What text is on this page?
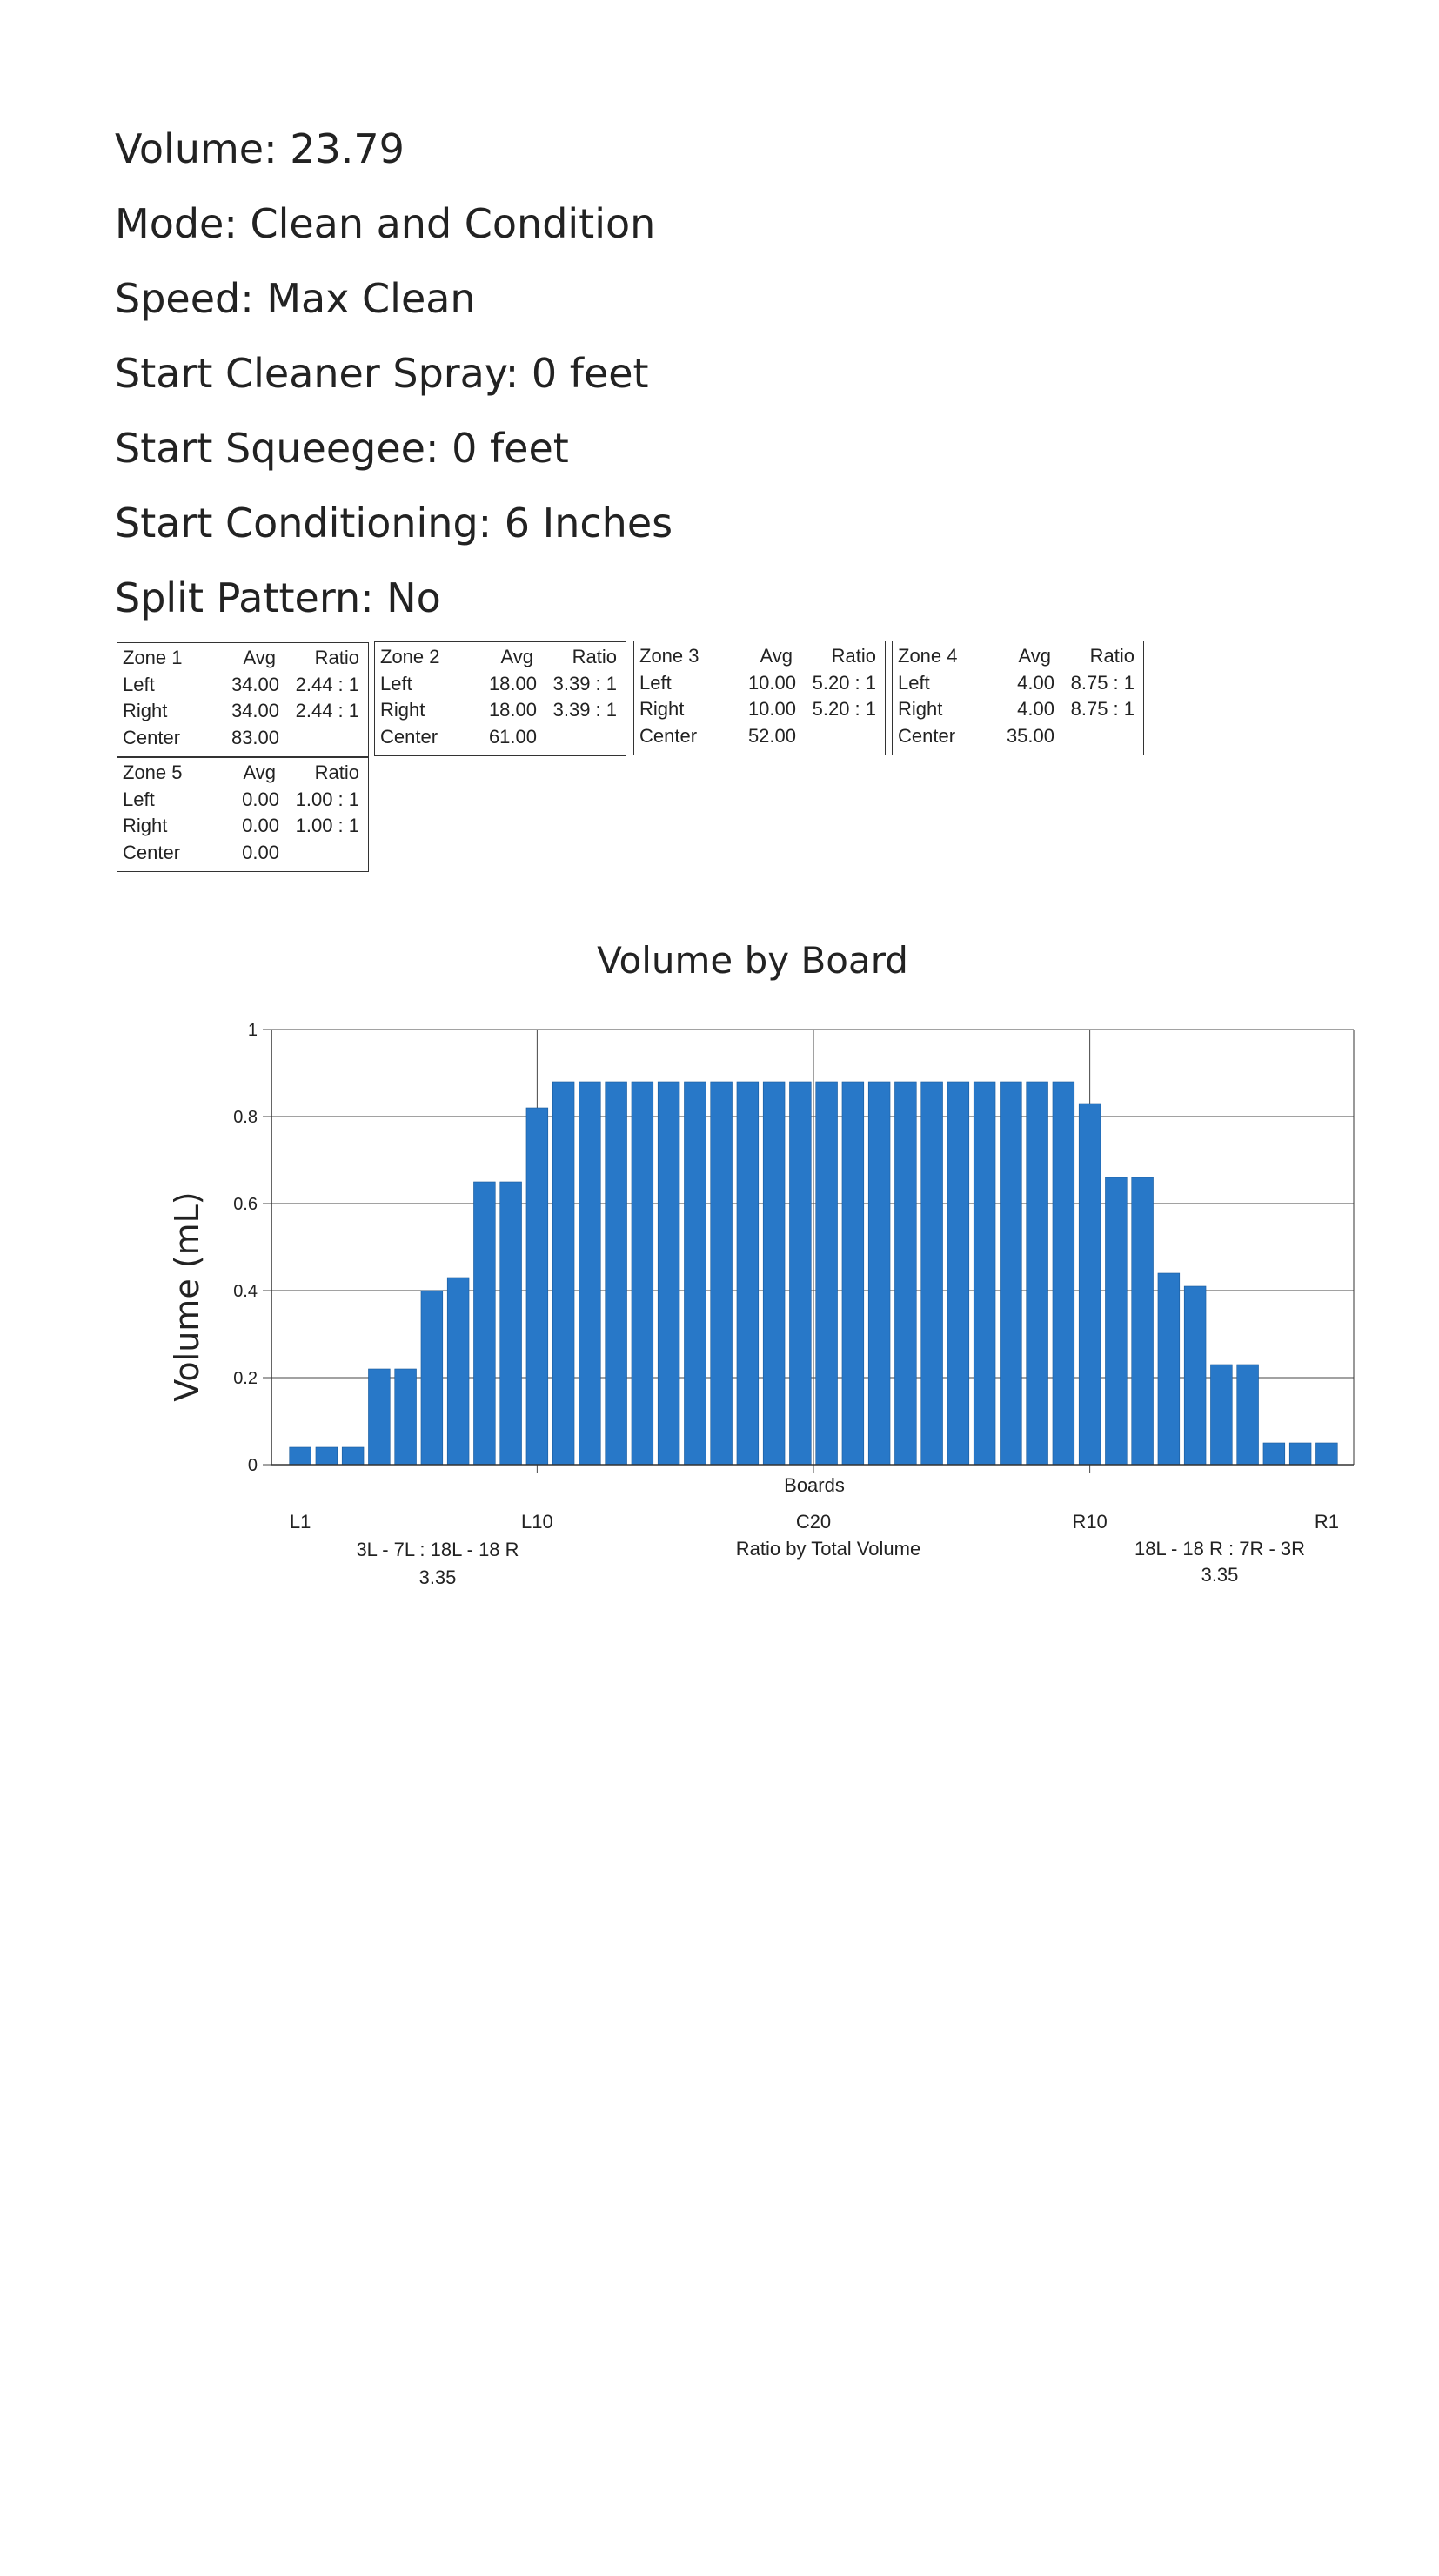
Volume: 23.79
Mode: Clean and Condition
Speed: Max Clean
Start Cleaner Spray: 0 feet
Start Squeegee: 0 feet
Start Conditioning: 6 Inches
Split Pattern: No
Zone 1	Avg	Ratio
Left	34.00 2.44 : 1
Right	34.00 2.44 : 1
Center	83.00
Zone 2	Avg	Ratio
Left	18.00 3.39 : 1
Right	18.00 3.39 : 1
Center	61.00
Zone 3	Avg	Ratio
Left	10.00 5.20 : 1
Right	10.00 5.20 : 1
Center	52.00
Zone 4	Avg	Ratio
Left	4.00 8.75 : 1
Right	4.00 8.75 : 1
Center	35.00
Zone 5	Avg	Ratio
Left	0.00 1.00 : 1
Right	0.00 1.00 : 1
Center	0.00
Volume by Board
Volume (mL)
0
0.2
0.4
0.6
0.8
1
Boards
L1	L10	C20	R10	R1
3L - 7L : 18L - 18 R
3.35
Ratio by Total Volume	18L - 18 R : 7R - 3R
3.35
